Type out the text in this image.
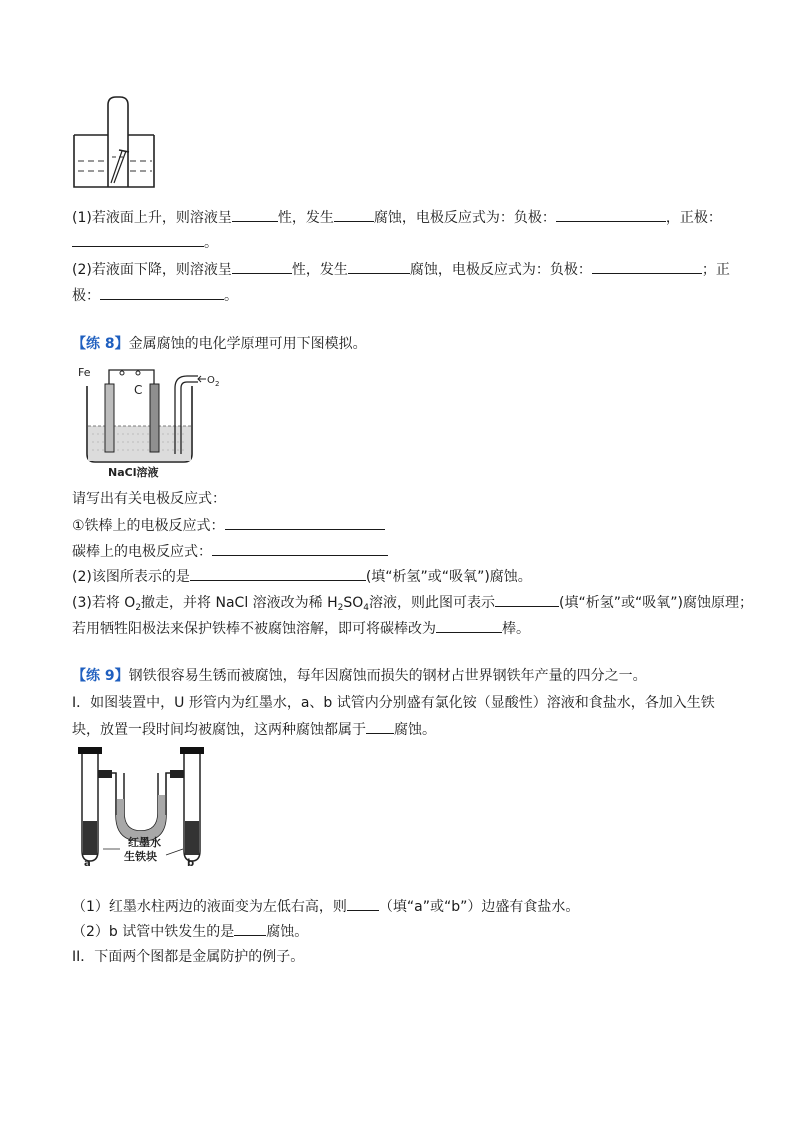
(1)若液面上升，则溶液呈	性，发生	腐蚀，电极反应式为：负极：	，正极：
。
(2)若液面下降，则溶液呈	性，发生	腐蚀，电极反应式为：负极：	；正
极：	。
【练 8】金属腐蚀的电化学原理可用下图模拟。
Fe
C
O 2
NaCl溶液
请写出有关电极反应式：
①铁棒上的电极反应式：
碳棒上的电极反应式：
(2)该图所表示的是	(填“析氢”或“吸氧”)腐蚀。
(3)若将 $O_2$撤走，并将 NaCl 溶液改为稀 $H_2SO_4$溶液，则此图可表示	(填“析氢”或“吸氧”)腐蚀原理；
若用牺牲阳极法来保护铁棒不被腐蚀溶解，即可将碳棒改为	棒。
【练 9】钢铁很容易生锈而被腐蚀，每年因腐蚀而损失的钢材占世界钢铁年产量的四分之一。
I．如图装置中，U 形管内为红墨水，a、b 试管内分别盛有氯化铵（显酸性）溶液和食盐水，各加入生铁
块，放置一段时间均被腐蚀，这两种腐蚀都属于 腐蚀。
红墨水
生铁块
a	b
（1）红墨水柱两边的液面变为左低右高，则 （填“a”或“b”）边盛有食盐水。
（2）b 试管中铁发生的是 腐蚀。
II．下面两个图都是金属防护的例子。
